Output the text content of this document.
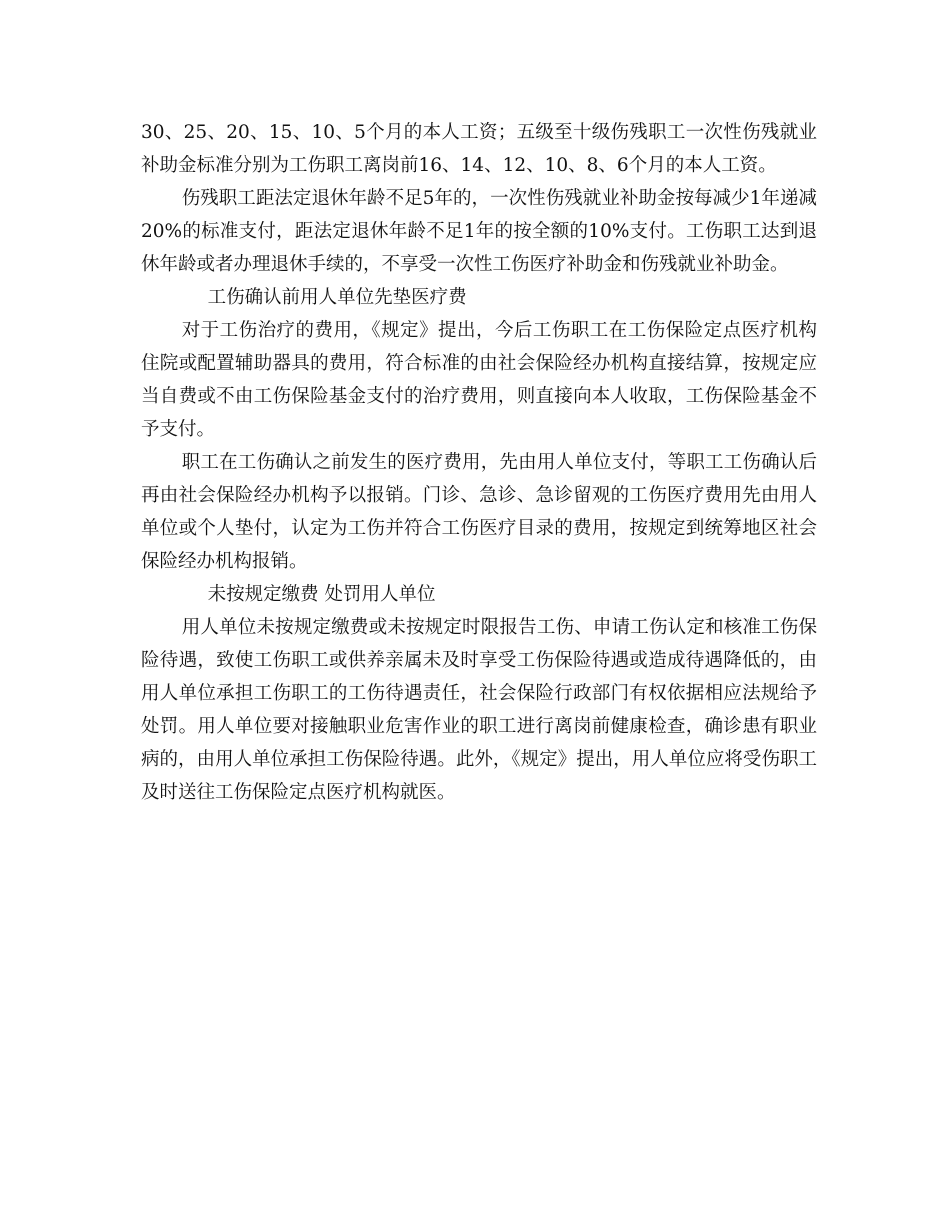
30、25、20、15、10、5个月的本人工资；五级至十级伤残职工一次性伤残就业补助金标准分别为工伤职工离岗前16、14、12、10、8、6个月的本人工资。

伤残职工距法定退休年龄不足5年的，一次性伤残就业补助金按每减少1年递减20%的标准支付，距法定退休年龄不足1年的按全额的10%支付。工伤职工达到退休年龄或者办理退休手续的，不享受一次性工伤医疗补助金和伤残就业补助金。

工伤确认前用人单位先垫医疗费

对于工伤治疗的费用，《规定》提出，今后工伤职工在工伤保险定点医疗机构住院或配置辅助器具的费用，符合标准的由社会保险经办机构直接结算，按规定应当自费或不由工伤保险基金支付的治疗费用，则直接向本人收取，工伤保险基金不予支付。

职工在工伤确认之前发生的医疗费用，先由用人单位支付，等职工工伤确认后再由社会保险经办机构予以报销。门诊、急诊、急诊留观的工伤医疗费用先由用人单位或个人垫付，认定为工伤并符合工伤医疗目录的费用，按规定到统筹地区社会保险经办机构报销。

未按规定缴费 处罚用人单位

用人单位未按规定缴费或未按规定时限报告工伤、申请工伤认定和核准工伤保险待遇，致使工伤职工或供养亲属未及时享受工伤保险待遇或造成待遇降低的，由用人单位承担工伤职工的工伤待遇责任，社会保险行政部门有权依据相应法规给予处罚。用人单位要对接触职业危害作业的职工进行离岗前健康检查，确诊患有职业病的，由用人单位承担工伤保险待遇。此外，《规定》提出，用人单位应将受伤职工及时送往工伤保险定点医疗机构就医。
